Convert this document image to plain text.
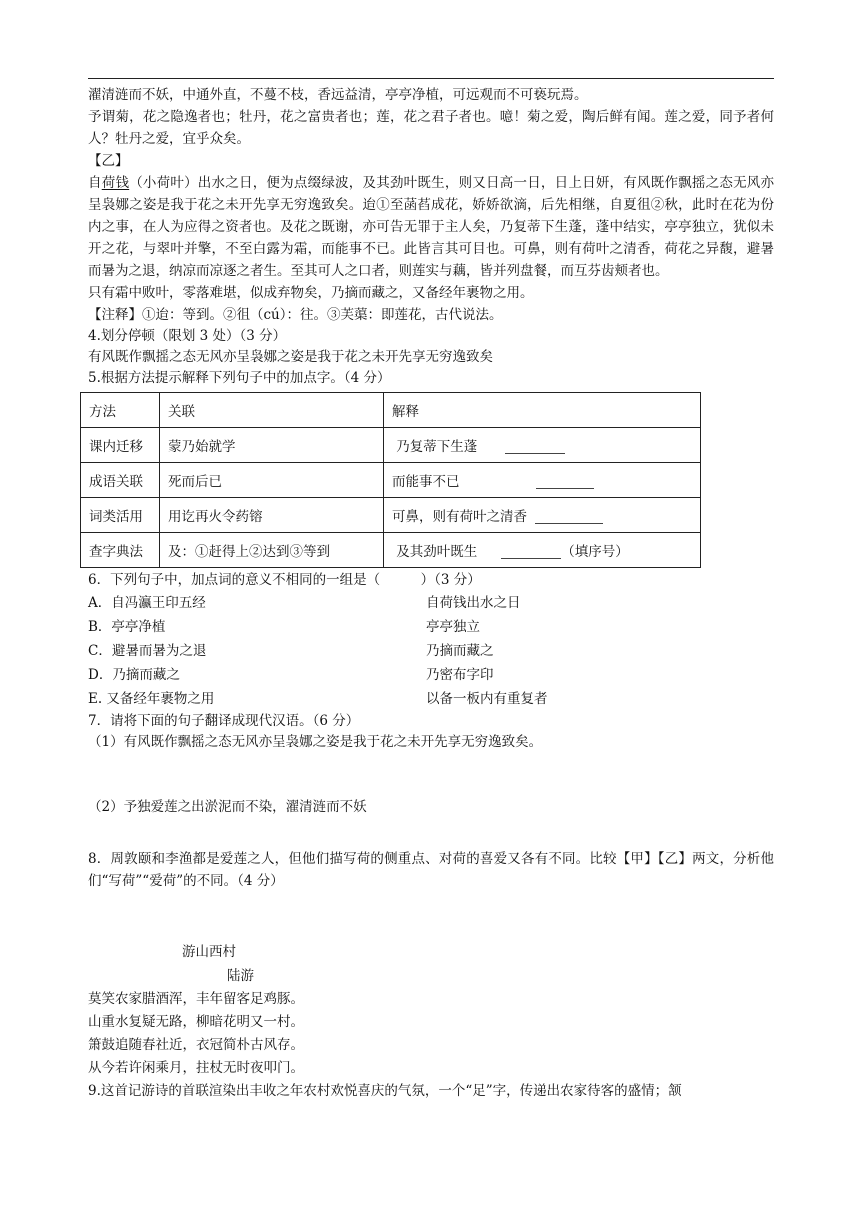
濯清涟而不妖，中通外直，不蔓不枝，香远益清，亭亭净植，可远观而不可亵玩焉。

予谓菊，花之隐逸者也；牡丹，花之富贵者也；莲，花之君子者也。噫！菊之爱，陶后鲜有闻。莲之爱，同予者何人？牡丹之爱，宜乎众矣。

【乙】

自荷钱（小荷叶）出水之日，便为点缀绿波，及其劲叶既生，则又日高一日，日上日妍，有风既作飘摇之态无风亦呈袅娜之姿是我于花之未开先享无穷逸致矣。迨①至菡萏成花，娇娇欲滴，后先相继，自夏徂②秋，此时在花为份内之事，在人为应得之资者也。及花之既谢，亦可告无罪于主人矣，乃复蒂下生蓬，蓬中结实，亭亭独立，犹似未开之花，与翠叶并擎，不至白露为霜，而能事不已。此皆言其可目也。可鼻，则有荷叶之清香，荷花之异馥，避暑而暑为之退，纳凉而凉逐之者生。至其可人之口者，则莲实与藕，皆并列盘餐，而互芬齿颊者也。

只有霜中败叶，零落难堪，似成弃物矣，乃摘而藏之，又备经年裹物之用。

【注释】①迨：等到。②徂（cú）：往。③芙蕖：即莲花，古代说法。

4.划分停顿（限划 3 处）（3 分）

有风既作飘摇之态无风亦呈袅娜之姿是我于花之未开先享无穷逸致矣

5.根据方法提示解释下列句子中的加点字。（4 分）

方法	关联	解释
课内迁移	蒙乃始就学	乃复蒂下生蓬
成语关联	死而后已	而能事不已
词类活用	用讫再火令药镕	可鼻，则有荷叶之清香
查字典法	及：①赶得上②达到③等到	及其劲叶既生 （填序号）

6．下列句子中，加点词的意义不相同的一组是（　　　）（3 分）

A．自冯瀛王印五经	自荷钱出水之日
B．亭亭净植	亭亭独立
C．避暑而暑为之退	乃摘而藏之
D．乃摘而藏之	乃密布字印
E. 又备经年裹物之用	以备一板内有重复者

7．请将下面的句子翻译成现代汉语。（6 分）

（1）有风既作飘摇之态无风亦呈袅娜之姿是我于花之未开先享无穷逸致矣。

（2）予独爱莲之出淤泥而不染，濯清涟而不妖

8．周敦颐和李渔都是爱莲之人，但他们描写荷的侧重点、对荷的喜爱又各有不同。比较【甲】【乙】两文，分析他们“写荷”“爱荷”的不同。（4 分）

游山西村

陆游

莫笑农家腊酒浑，丰年留客足鸡豚。

山重水复疑无路，柳暗花明又一村。

箫鼓追随春社近，衣冠简朴古风存。

从今若许闲乘月，拄杖无时夜叩门。

9.这首记游诗的首联渲染出丰收之年农村欢悦喜庆的气氛，一个“足”字，传递出农家待客的盛情；颔
